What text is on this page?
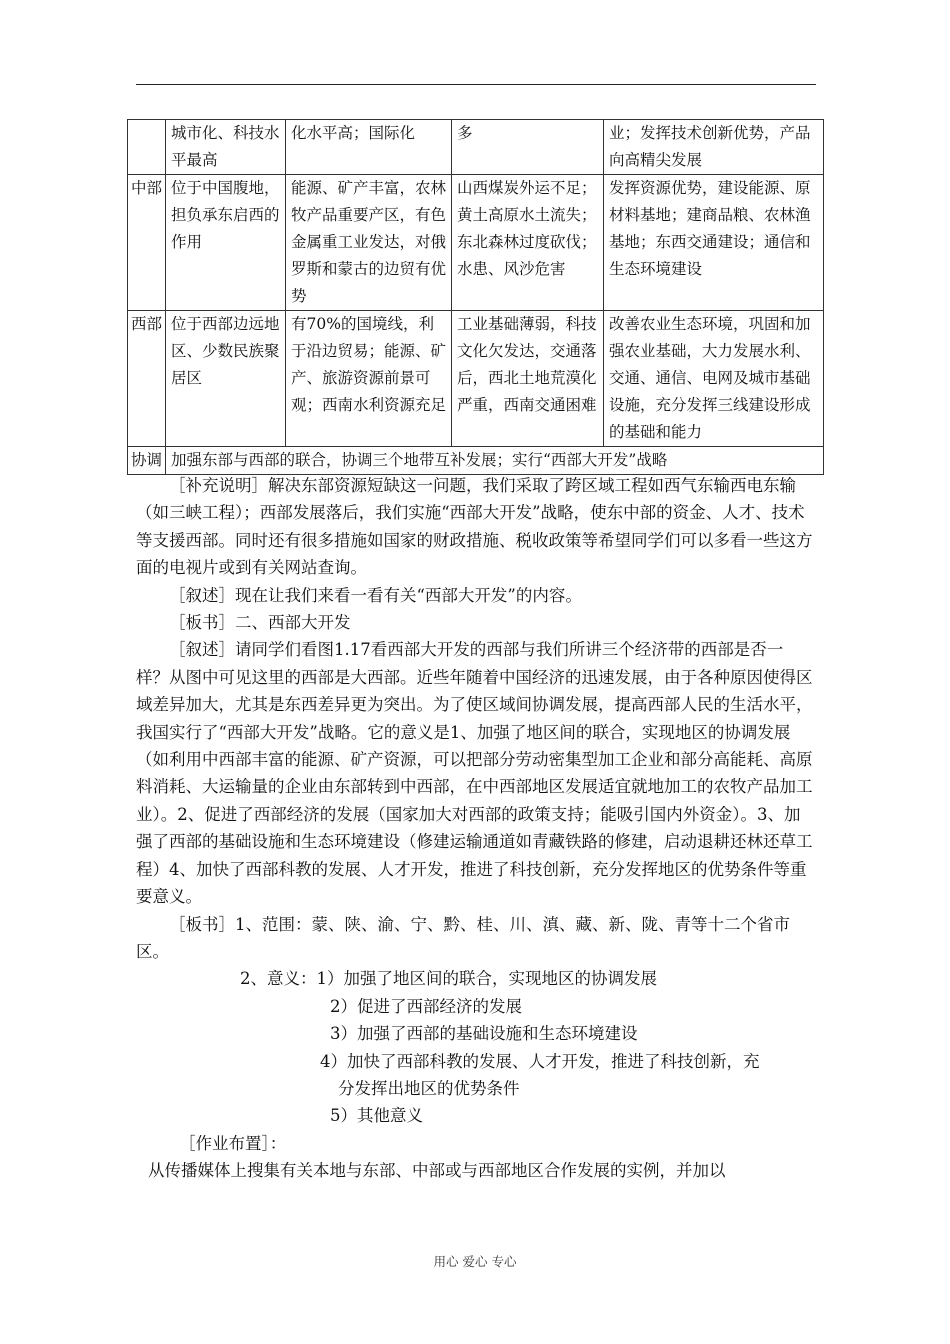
	城市化、科技水平最高	化水平高；国际化	多	业；发挥技术创新优势，产品向高精尖发展
中部	位于中国腹地，担负承东启西的作用	能源、矿产丰富，农林牧产品重要产区，有色金属重工业发达，对俄罗斯和蒙古的边贸有优势	山西煤炭外运不足；黄土高原水土流失；东北森林过度砍伐；水患、风沙危害	发挥资源优势，建设能源、原材料基地；建商品粮、农林渔基地；东西交通建设；通信和生态环境建设
西部	位于西部边远地区、少数民族聚居区	有70%的国境线，利于沿边贸易；能源、矿产、旅游资源前景可观；西南水利资源充足	工业基础薄弱，科技文化欠发达，交通落后，西北土地荒漠化严重，西南交通困难	改善农业生态环境，巩固和加强农业基础，大力发展水利、交通、通信、电网及城市基础设施，充分发挥三线建设形成的基础和能力
协调	加强东部与西部的联合，协调三个地带互补发展；实行“西部大开发”战略			

［补充说明］解决东部资源短缺这一问题，我们采取了跨区域工程如西气东输西电东输（如三峡工程）；西部发展落后，我们实施“西部大开发”战略，使东中部的资金、人才、技术等支援西部。同时还有很多措施如国家的财政措施、税收政策等希望同学们可以多看一些这方面的电视片或到有关网站查询。

［叙述］现在让我们来看一看有关“西部大开发”的内容。

［板书］二、西部大开发

［叙述］请同学们看图1.17看西部大开发的西部与我们所讲三个经济带的西部是否一样？从图中可见这里的西部是大西部。近些年随着中国经济的迅速发展，由于各种原因使得区域差异加大，尤其是东西差异更为突出。为了使区域间协调发展，提高西部人民的生活水平，我国实行了“西部大开发”战略。它的意义是1、加强了地区间的联合，实现地区的协调发展（如利用中西部丰富的能源、矿产资源，可以把部分劳动密集型加工企业和部分高能耗、高原料消耗、大运输量的企业由东部转到中西部，在中西部地区发展适宜就地加工的农牧产品加工业）。2、促进了西部经济的发展（国家加大对西部的政策支持；能吸引国内外资金）。3、加强了西部的基础设施和生态环境建设（修建运输通道如青藏铁路的修建，启动退耕还林还草工程）4、加快了西部科教的发展、人才开发，推进了科技创新，充分发挥地区的优势条件等重要意义。

［板书］1、范围：蒙、陕、渝、宁、黔、桂、川、滇、藏、新、陇、青等十二个省市区。

2、意义：1）加强了地区间的联合，实现地区的协调发展

2）促进了西部经济的发展

3）加强了西部的基础设施和生态环境建设

4）加快了西部科教的发展、人才开发，推进了科技创新，充

分发挥出地区的优势条件

5）其他意义

［作业布置］：

从传播媒体上搜集有关本地与东部、中部或与西部地区合作发展的实例，并加以

用心 爱心 专心
